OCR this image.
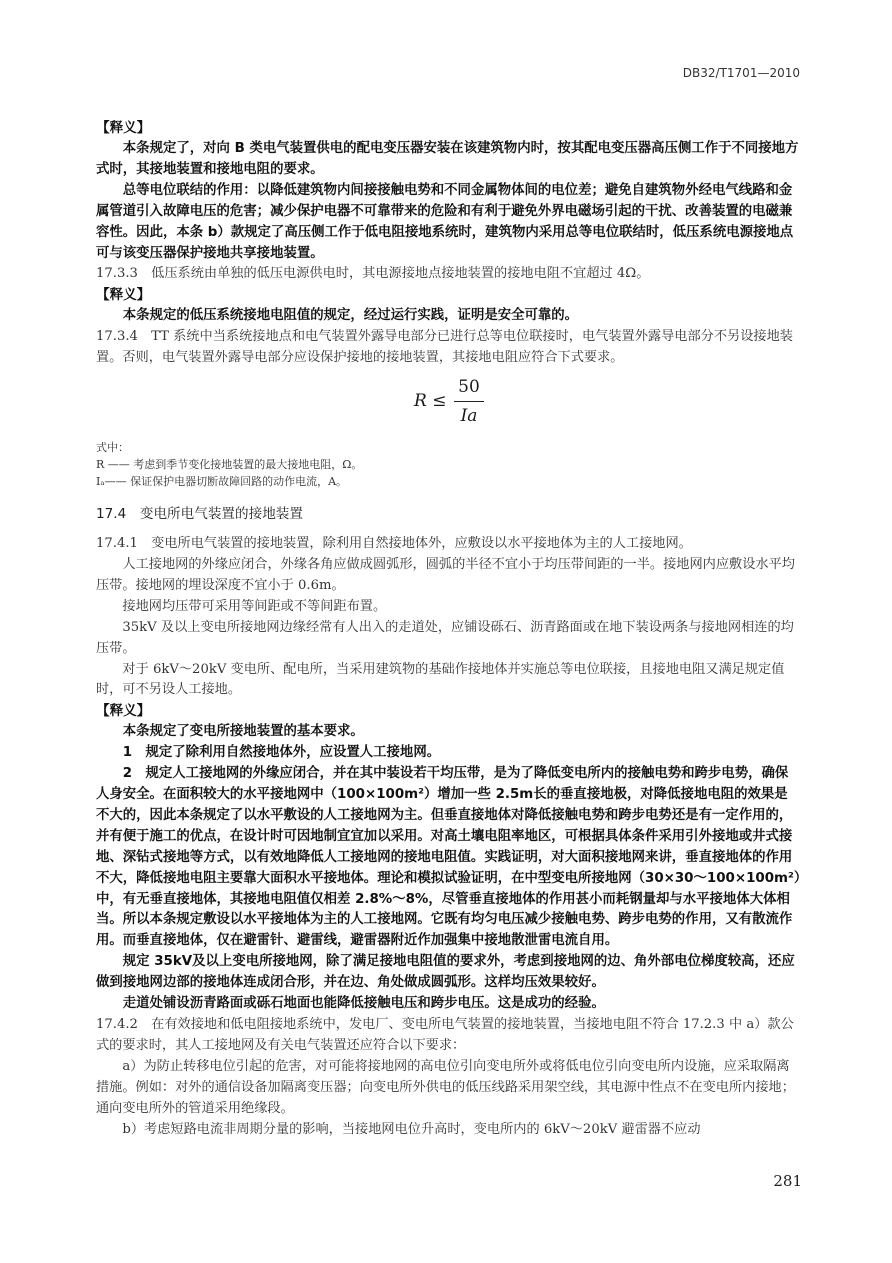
DB32/T1701—2010

【释义】

本条规定了，对向 B 类电气装置供电的配电变压器安装在该建筑物内时，按其配电变压器高压侧工作于不同接地方式时，其接地装置和接地电阻的要求。

总等电位联结的作用：以降低建筑物内间接接触电势和不同金属物体间的电位差；避免自建筑物外经电气线路和金属管道引入故障电压的危害；减少保护电器不可靠带来的危险和有利于避免外界电磁场引起的干扰、改善装置的电磁兼容性。因此，本条 b）款规定了高压侧工作于低电阻接地系统时，建筑物内采用总等电位联结时，低压系统电源接地点可与该变压器保护接地共享接地装置。

17.3.3　低压系统由单独的低压电源供电时，其电源接地点接地装置的接地电阻不宜超过 4Ω。

【释义】

本条规定的低压系统接地电阻值的规定，经过运行实践，证明是安全可靠的。

17.3.4　TT 系统中当系统接地点和电气装置外露导电部分已进行总等电位联接时，电气装置外露导电部分不另设接地装置。否则，电气装置外露导电部分应设保护接地的接地装置，其接地电阻应符合下式要求。

R ≤
50
Ia

式中：

R —— 考虑到季节变化接地装置的最大接地电阻，Ω。

Iₐ—— 保证保护电器切断故障回路的动作电流，A。

17.4　变电所电气装置的接地装置

17.4.1　变电所电气装置的接地装置，除利用自然接地体外，应敷设以水平接地体为主的人工接地网。

人工接地网的外缘应闭合，外缘各角应做成圆弧形，圆弧的半径不宜小于均压带间距的一半。接地网内应敷设水平均压带。接地网的埋设深度不宜小于 0.6m。

接地网均压带可采用等间距或不等间距布置。

35kV 及以上变电所接地网边缘经常有人出入的走道处，应铺设砾石、沥青路面或在地下装设两条与接地网相连的均压带。

对于 6kV～20kV 变电所、配电所，当采用建筑物的基础作接地体并实施总等电位联接，且接地电阻又满足规定值时，可不另设人工接地。

【释义】

本条规定了变电所接地装置的基本要求。

1　规定了除利用自然接地体外，应设置人工接地网。

2　规定人工接地网的外缘应闭合，并在其中装设若干均压带，是为了降低变电所内的接触电势和跨步电势，确保人身安全。在面积较大的水平接地网中（100×100m²）增加一些 2.5m长的垂直接地极，对降低接地电阻的效果是不大的，因此本条规定了以水平敷设的人工接地网为主。但垂直接地体对降低接触电势和跨步电势还是有一定作用的，并有便于施工的优点，在设计时可因地制宜宜加以采用。对高土壤电阻率地区，可根据具体条件采用引外接地或井式接地、深钻式接地等方式，以有效地降低人工接地网的接地电阻值。实践证明，对大面积接地网来讲，垂直接地体的作用不大，降低接地电阻主要靠大面积水平接地体。理论和模拟试验证明，在中型变电所接地网（30×30～100×100m²）中，有无垂直接地体，其接地电阻值仅相差 2.8%～8%，尽管垂直接地体的作用甚小而耗钢量却与水平接地体大体相当。所以本条规定敷设以水平接地体为主的人工接地网。它既有均匀电压减少接触电势、跨步电势的作用，又有散流作用。而垂直接地体，仅在避雷针、避雷线，避雷器附近作加强集中接地散泄雷电流自用。

规定 35kV及以上变电所接地网，除了满足接地电阻值的要求外，考虑到接地网的边、角外部电位梯度较高，还应做到接地网边部的接地体连成闭合形，并在边、角处做成圆弧形。这样均压效果较好。

走道处铺设沥青路面或砾石地面也能降低接触电压和跨步电压。这是成功的经验。

17.4.2　在有效接地和低电阻接地系统中，发电厂、变电所电气装置的接地装置，当接地电阻不符合 17.2.3 中 a）款公式的要求时，其人工接地网及有关电气装置还应符合以下要求：

a）为防止转移电位引起的危害，对可能将接地网的高电位引向变电所外或将低电位引向变电所内设施，应采取隔离措施。例如：对外的通信设备加隔离变压器；向变电所外供电的低压线路采用架空线，其电源中性点不在变电所内接地；通向变电所外的管道采用绝缘段。

b）考虑短路电流非周期分量的影响，当接地网电位升高时，变电所内的 6kV～20kV 避雷器不应动

281
